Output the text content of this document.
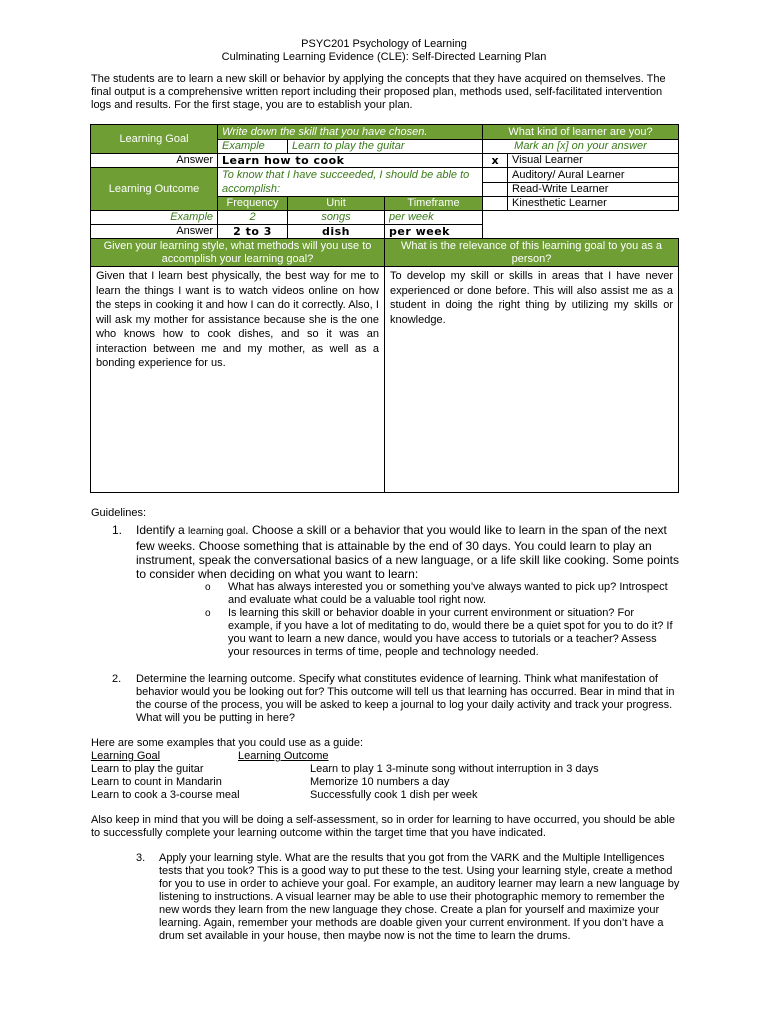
PSYC201 Psychology of Learning
Culminating Learning Evidence (CLE): Self-Directed Learning Plan
The students are to learn a new skill or behavior by applying the concepts that they have acquired on themselves. The final output is a comprehensive written report including their proposed plan, methods used, self-facilitated intervention logs and results. For the first stage, you are to establish your plan.
Learning Goal	Write down the skill that you have chosen.			What kind of learner are you?	
	Example	Learn to play the guitar		Mark an [x] on your answer	
Answer	Learn how to cook			x	Visual Learner
Learning Outcome	To know that I have succeeded, I should be able to accomplish:				Auditory/ Aural Learner
					Read-Write Learner
	Frequency	Unit	Timeframe		Kinesthetic Learner
Example	2	songs	per week		
Answer	2 to 3	dish	per week		
Given your learning style, what methods will you use to accomplish your learning goal?			What is the relevance of this learning goal to you as a person?		
Given that I learn best physically, the best way for me to learn the things I want is to watch videos online on how the steps in cooking it and how I can do it correctly. Also, I will ask my mother for assistance because she is the one who knows how to cook dishes, and so it was an interaction between me and my mother, as well as a bonding experience for us.			To develop my skill or skills in areas that I have never experienced or done before. This will also assist me as a student in doing the right thing by utilizing my skills or knowledge.		
Guidelines:
1. Identify a learning goal. Choose a skill or a behavior that you would like to learn in the span of the next few weeks. Choose something that is attainable by the end of 30 days. You could learn to play an instrument, speak the conversational basics of a new language, or a life skill like cooking. Some points to consider when deciding on what you want to learn:
o What has always interested you or something you’ve always wanted to pick up? Introspect and evaluate what could be a valuable tool right now.
o Is learning this skill or behavior doable in your current environment or situation? For example, if you have a lot of meditating to do, would there be a quiet spot for you to do it? If you want to learn a new dance, would you have access to tutorials or a teacher? Assess your resources in terms of time, people and technology needed.
2. Determine the learning outcome. Specify what constitutes evidence of learning. Think what manifestation of behavior would you be looking out for? This outcome will tell us that learning has occurred. Bear in mind that in the course of the process, you will be asked to keep a journal to log your daily activity and track your progress. What will you be putting in here?
Here are some examples that you could use as a guide:
Learning Goal	Learning Outcome
Learn to play the guitar	Learn to play 1 3-minute song without interruption in 3 days
Learn to count in Mandarin	Memorize 10 numbers a day
Learn to cook a 3-course meal	Successfully cook 1 dish per week
Also keep in mind that you will be doing a self-assessment, so in order for learning to have occurred, you should be able to successfully complete your learning outcome within the target time that you have indicated.
3. Apply your learning style. What are the results that you got from the VARK and the Multiple Intelligences tests that you took? This is a good way to put these to the test. Using your learning style, create a method for you to use in order to achieve your goal. For example, an auditory learner may learn a new language by listening to instructions. A visual learner may be able to use their photographic memory to remember the new words they learn from the new language they chose. Create a plan for yourself and maximize your learning. Again, remember your methods are doable given your current environment. If you don’t have a drum set available in your house, then maybe now is not the time to learn the drums.
